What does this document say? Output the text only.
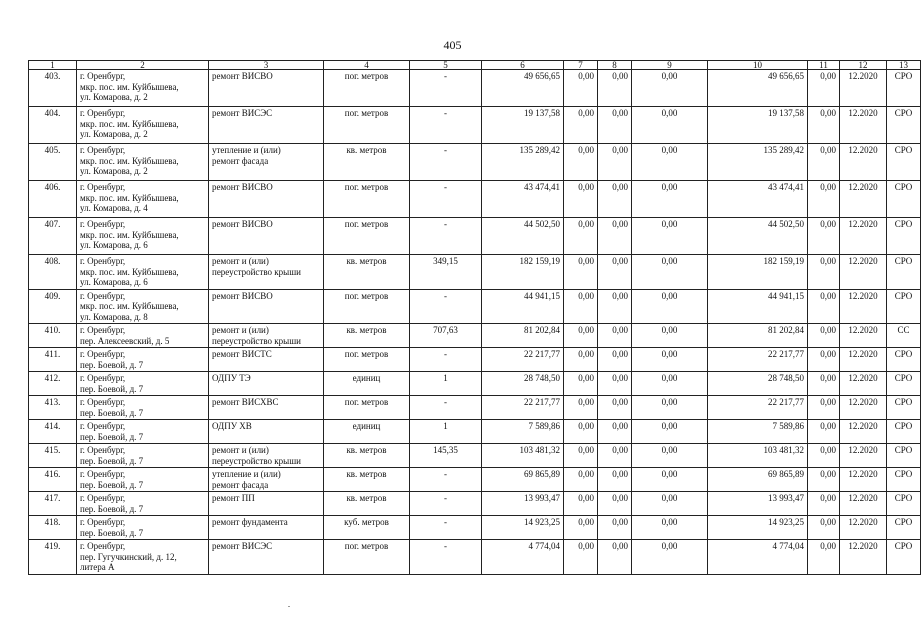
405
1	2	3	4	5	6	7	8	9	10	11	12	13
403.	г. Оренбург,
мкр. пос. им. Куйбышева,
ул. Комарова, д. 2	ремонт ВИСВО	пог. метров	-	49 656,65	0,00	0,00	0,00	49 656,65	0,00	12.2020	СРО
404.	г. Оренбург,
мкр. пос. им. Куйбышева,
ул. Комарова, д. 2	ремонт ВИСЭС	пог. метров	-	19 137,58	0,00	0,00	0,00	19 137,58	0,00	12.2020	СРО
405.	г. Оренбург,
мкр. пос. им. Куйбышева,
ул. Комарова, д. 2	утепление и (или)
ремонт фасада	кв. метров	-	135 289,42	0,00	0,00	0,00	135 289,42	0,00	12.2020	СРО
406.	г. Оренбург,
мкр. пос. им. Куйбышева,
ул. Комарова, д. 4	ремонт ВИСВО	пог. метров	-	43 474,41	0,00	0,00	0,00	43 474,41	0,00	12.2020	СРО
407.	г. Оренбург,
мкр. пос. им. Куйбышева,
ул. Комарова, д. 6	ремонт ВИСВО	пог. метров	-	44 502,50	0,00	0,00	0,00	44 502,50	0,00	12.2020	СРО
408.	г. Оренбург,
мкр. пос. им. Куйбышева,
ул. Комарова, д. 6	ремонт и (или)
переустройство крыши	кв. метров	349,15	182 159,19	0,00	0,00	0,00	182 159,19	0,00	12.2020	СРО
409.	г. Оренбург,
мкр. пос. им. Куйбышева,
ул. Комарова, д. 8	ремонт ВИСВО	пог. метров	-	44 941,15	0,00	0,00	0,00	44 941,15	0,00	12.2020	СРО
410.	г. Оренбург,
пер. Алексеевский, д. 5	ремонт и (или)
переустройство крыши	кв. метров	707,63	81 202,84	0,00	0,00	0,00	81 202,84	0,00	12.2020	СС
411.	г. Оренбург,
пер. Боевой, д. 7	ремонт ВИСТС	пог. метров	-	22 217,77	0,00	0,00	0,00	22 217,77	0,00	12.2020	СРО
412.	г. Оренбург,
пер. Боевой, д. 7	ОДПУ ТЭ	единиц	1	28 748,50	0,00	0,00	0,00	28 748,50	0,00	12.2020	СРО
413.	г. Оренбург,
пер. Боевой, д. 7	ремонт ВИСХВС	пог. метров	-	22 217,77	0,00	0,00	0,00	22 217,77	0,00	12.2020	СРО
414.	г. Оренбург,
пер. Боевой, д. 7	ОДПУ ХВ	единиц	1	7 589,86	0,00	0,00	0,00	7 589,86	0,00	12.2020	СРО
415.	г. Оренбург,
пер. Боевой, д. 7	ремонт и (или)
переустройство крыши	кв. метров	145,35	103 481,32	0,00	0,00	0,00	103 481,32	0,00	12.2020	СРО
416.	г. Оренбург,
пер. Боевой, д. 7	утепление и (или)
ремонт фасада	кв. метров	-	69 865,89	0,00	0,00	0,00	69 865,89	0,00	12.2020	СРО
417.	г. Оренбург,
пер. Боевой, д. 7	ремонт ПП	кв. метров	-	13 993,47	0,00	0,00	0,00	13 993,47	0,00	12.2020	СРО
418.	г. Оренбург,
пер. Боевой, д. 7	ремонт фундамента	куб. метров	-	14 923,25	0,00	0,00	0,00	14 923,25	0,00	12.2020	СРО
419.	г. Оренбург,
пер. Гугучкинский, д. 12,
литера А	ремонт ВИСЭС	пог. метров	-	4 774,04	0,00	0,00	0,00	4 774,04	0,00	12.2020	СРО
